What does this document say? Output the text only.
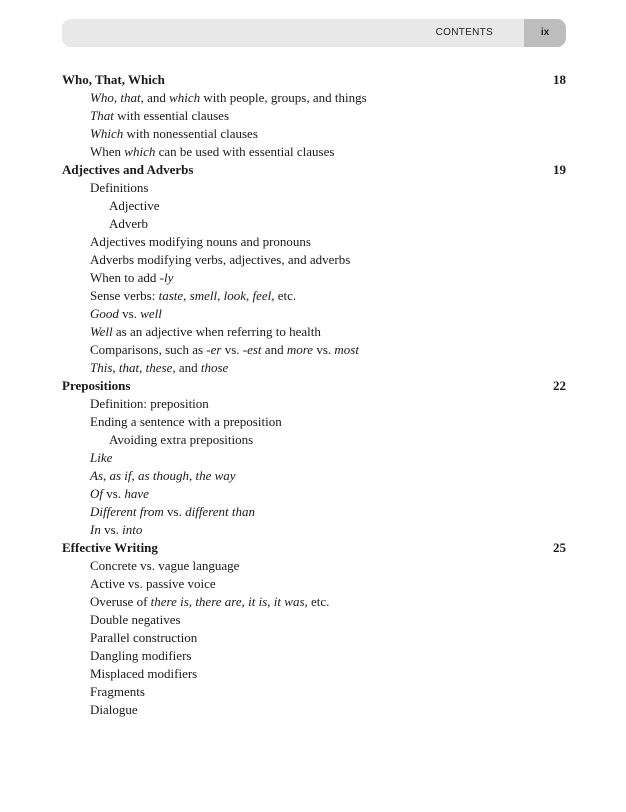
CONTENTS	ix
Who, That, Which	18
Who, that, and which with people, groups, and things
That with essential clauses
Which with nonessential clauses
When which can be used with essential clauses
Adjectives and Adverbs	19
Definitions
Adjective
Adverb
Adjectives modifying nouns and pronouns
Adverbs modifying verbs, adjectives, and adverbs
When to add -ly
Sense verbs: taste, smell, look, feel, etc.
Good vs. well
Well as an adjective when referring to health
Comparisons, such as -er vs. -est and more vs. most
This, that, these, and those
Prepositions	22
Definition: preposition
Ending a sentence with a preposition
Avoiding extra prepositions
Like
As, as if, as though, the way
Of vs. have
Different from vs. different than
In vs. into
Effective Writing	25
Concrete vs. vague language
Active vs. passive voice
Overuse of there is, there are, it is, it was, etc.
Double negatives
Parallel construction
Dangling modifiers
Misplaced modifiers
Fragments
Dialogue
